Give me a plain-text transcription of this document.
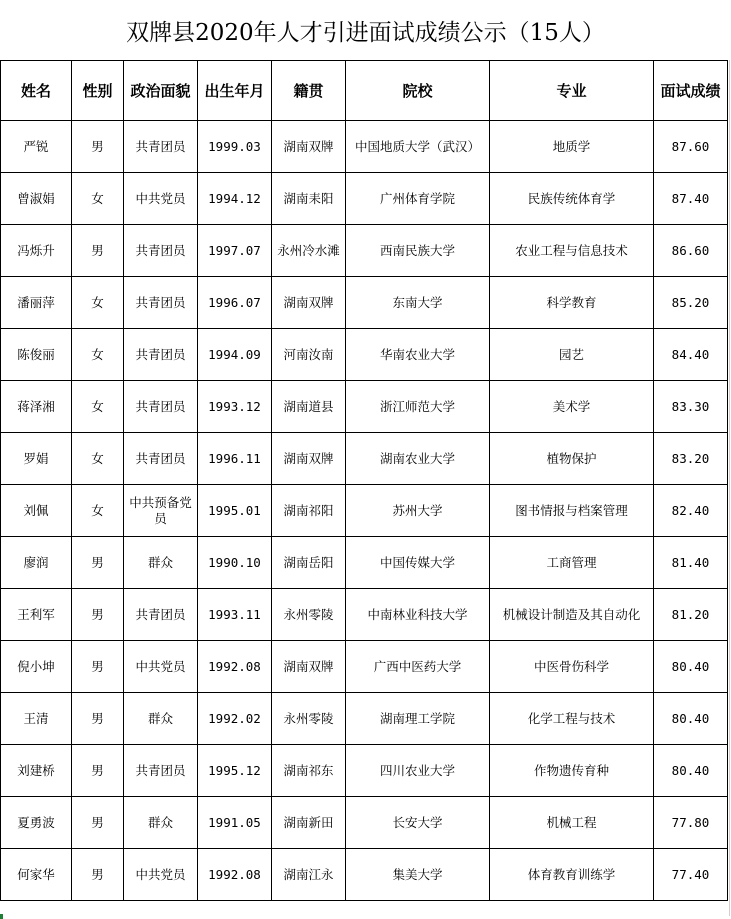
双牌县2020年人才引进面试成绩公示（15人）
姓名	性别	政治面貌	出生年月	籍贯	院校	专业	面试成绩
严锐	男	共青团员	1999.03	湖南双牌	中国地质大学（武汉）	地质学	87.60
曾淑娟	女	中共党员	1994.12	湖南耒阳	广州体育学院	民族传统体育学	87.40
冯烁升	男	共青团员	1997.07	永州冷水滩	西南民族大学	农业工程与信息技术	86.60
潘丽萍	女	共青团员	1996.07	湖南双牌	东南大学	科学教育	85.20
陈俊丽	女	共青团员	1994.09	河南汝南	华南农业大学	园艺	84.40
蒋泽湘	女	共青团员	1993.12	湖南道县	浙江师范大学	美术学	83.30
罗娟	女	共青团员	1996.11	湖南双牌	湖南农业大学	植物保护	83.20
刘佩	女	中共预备党员	1995.01	湖南祁阳	苏州大学	图书情报与档案管理	82.40
廖润	男	群众	1990.10	湖南岳阳	中国传媒大学	工商管理	81.40
王利军	男	共青团员	1993.11	永州零陵	中南林业科技大学	机械设计制造及其自动化	81.20
倪小坤	男	中共党员	1992.08	湖南双牌	广西中医药大学	中医骨伤科学	80.40
王清	男	群众	1992.02	永州零陵	湖南理工学院	化学工程与技术	80.40
刘建桥	男	共青团员	1995.12	湖南祁东	四川农业大学	作物遗传育种	80.40
夏勇波	男	群众	1991.05	湖南新田	长安大学	机械工程	77.80
何家华	男	中共党员	1992.08	湖南江永	集美大学	体育教育训练学	77.40
